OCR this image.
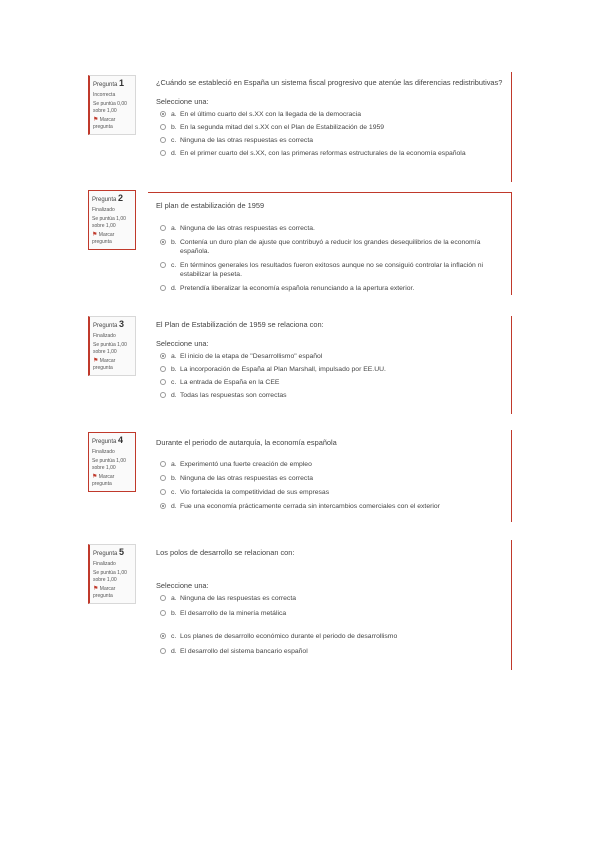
Pregunta 1
Incorrecta
Se puntúa 0,00 sobre 1,00
⚑ Marcar pregunta
¿Cuándo se estableció en España un sistema fiscal progresivo que atenúe las diferencias redistributivas?
Seleccione una:
a. En el último cuarto del s.XX con la llegada de la democracia
b. En la segunda mitad del s.XX con el Plan de Estabilización de 1959
c. Ninguna de las otras respuestas es correcta
d. En el primer cuarto del s.XX, con las primeras reformas estructurales de la economía española
Pregunta 2
Finalizado
Se puntúa 1,00 sobre 1,00
⚑ Marcar pregunta
El plan de estabilización de 1959
a. Ninguna de las otras respuestas es correcta.
b. Contenía un duro plan de ajuste que contribuyó a reducir los grandes desequilibrios de la economía española.
c. En términos generales los resultados fueron exitosos aunque no se consiguió controlar la inflación ni estabilizar la peseta.
d. Pretendía liberalizar la economía española renunciando a la apertura exterior.
Pregunta 3
Finalizado
Se puntúa 1,00 sobre 1,00
⚑ Marcar pregunta
El Plan de Estabilización de 1959 se relaciona con:
Seleccione una:
a. El inicio de la etapa de "Desarrollismo" español
b. La incorporación de España al Plan Marshall, impulsado por EE.UU.
c. La entrada de España en la CEE
d. Todas las respuestas son correctas
Pregunta 4
Finalizado
Se puntúa 1,00 sobre 1,00
⚑ Marcar pregunta
Durante el periodo de autarquía, la economía española
a. Experimentó una fuerte creación de empleo
b. Ninguna de las otras respuestas es correcta
c. Vio fortalecida la competitividad de sus empresas
d. Fue una economía prácticamente cerrada sin intercambios comerciales con el exterior
Pregunta 5
Finalizado
Se puntúa 1,00 sobre 1,00
⚑ Marcar pregunta
Los polos de desarrollo se relacionan con:
Seleccione una:
a. Ninguna de las respuestas es correcta
b. El desarrollo de la minería metálica
c. Los planes de desarrollo económico durante el periodo de desarrollismo
d. El desarrollo del sistema bancario español
